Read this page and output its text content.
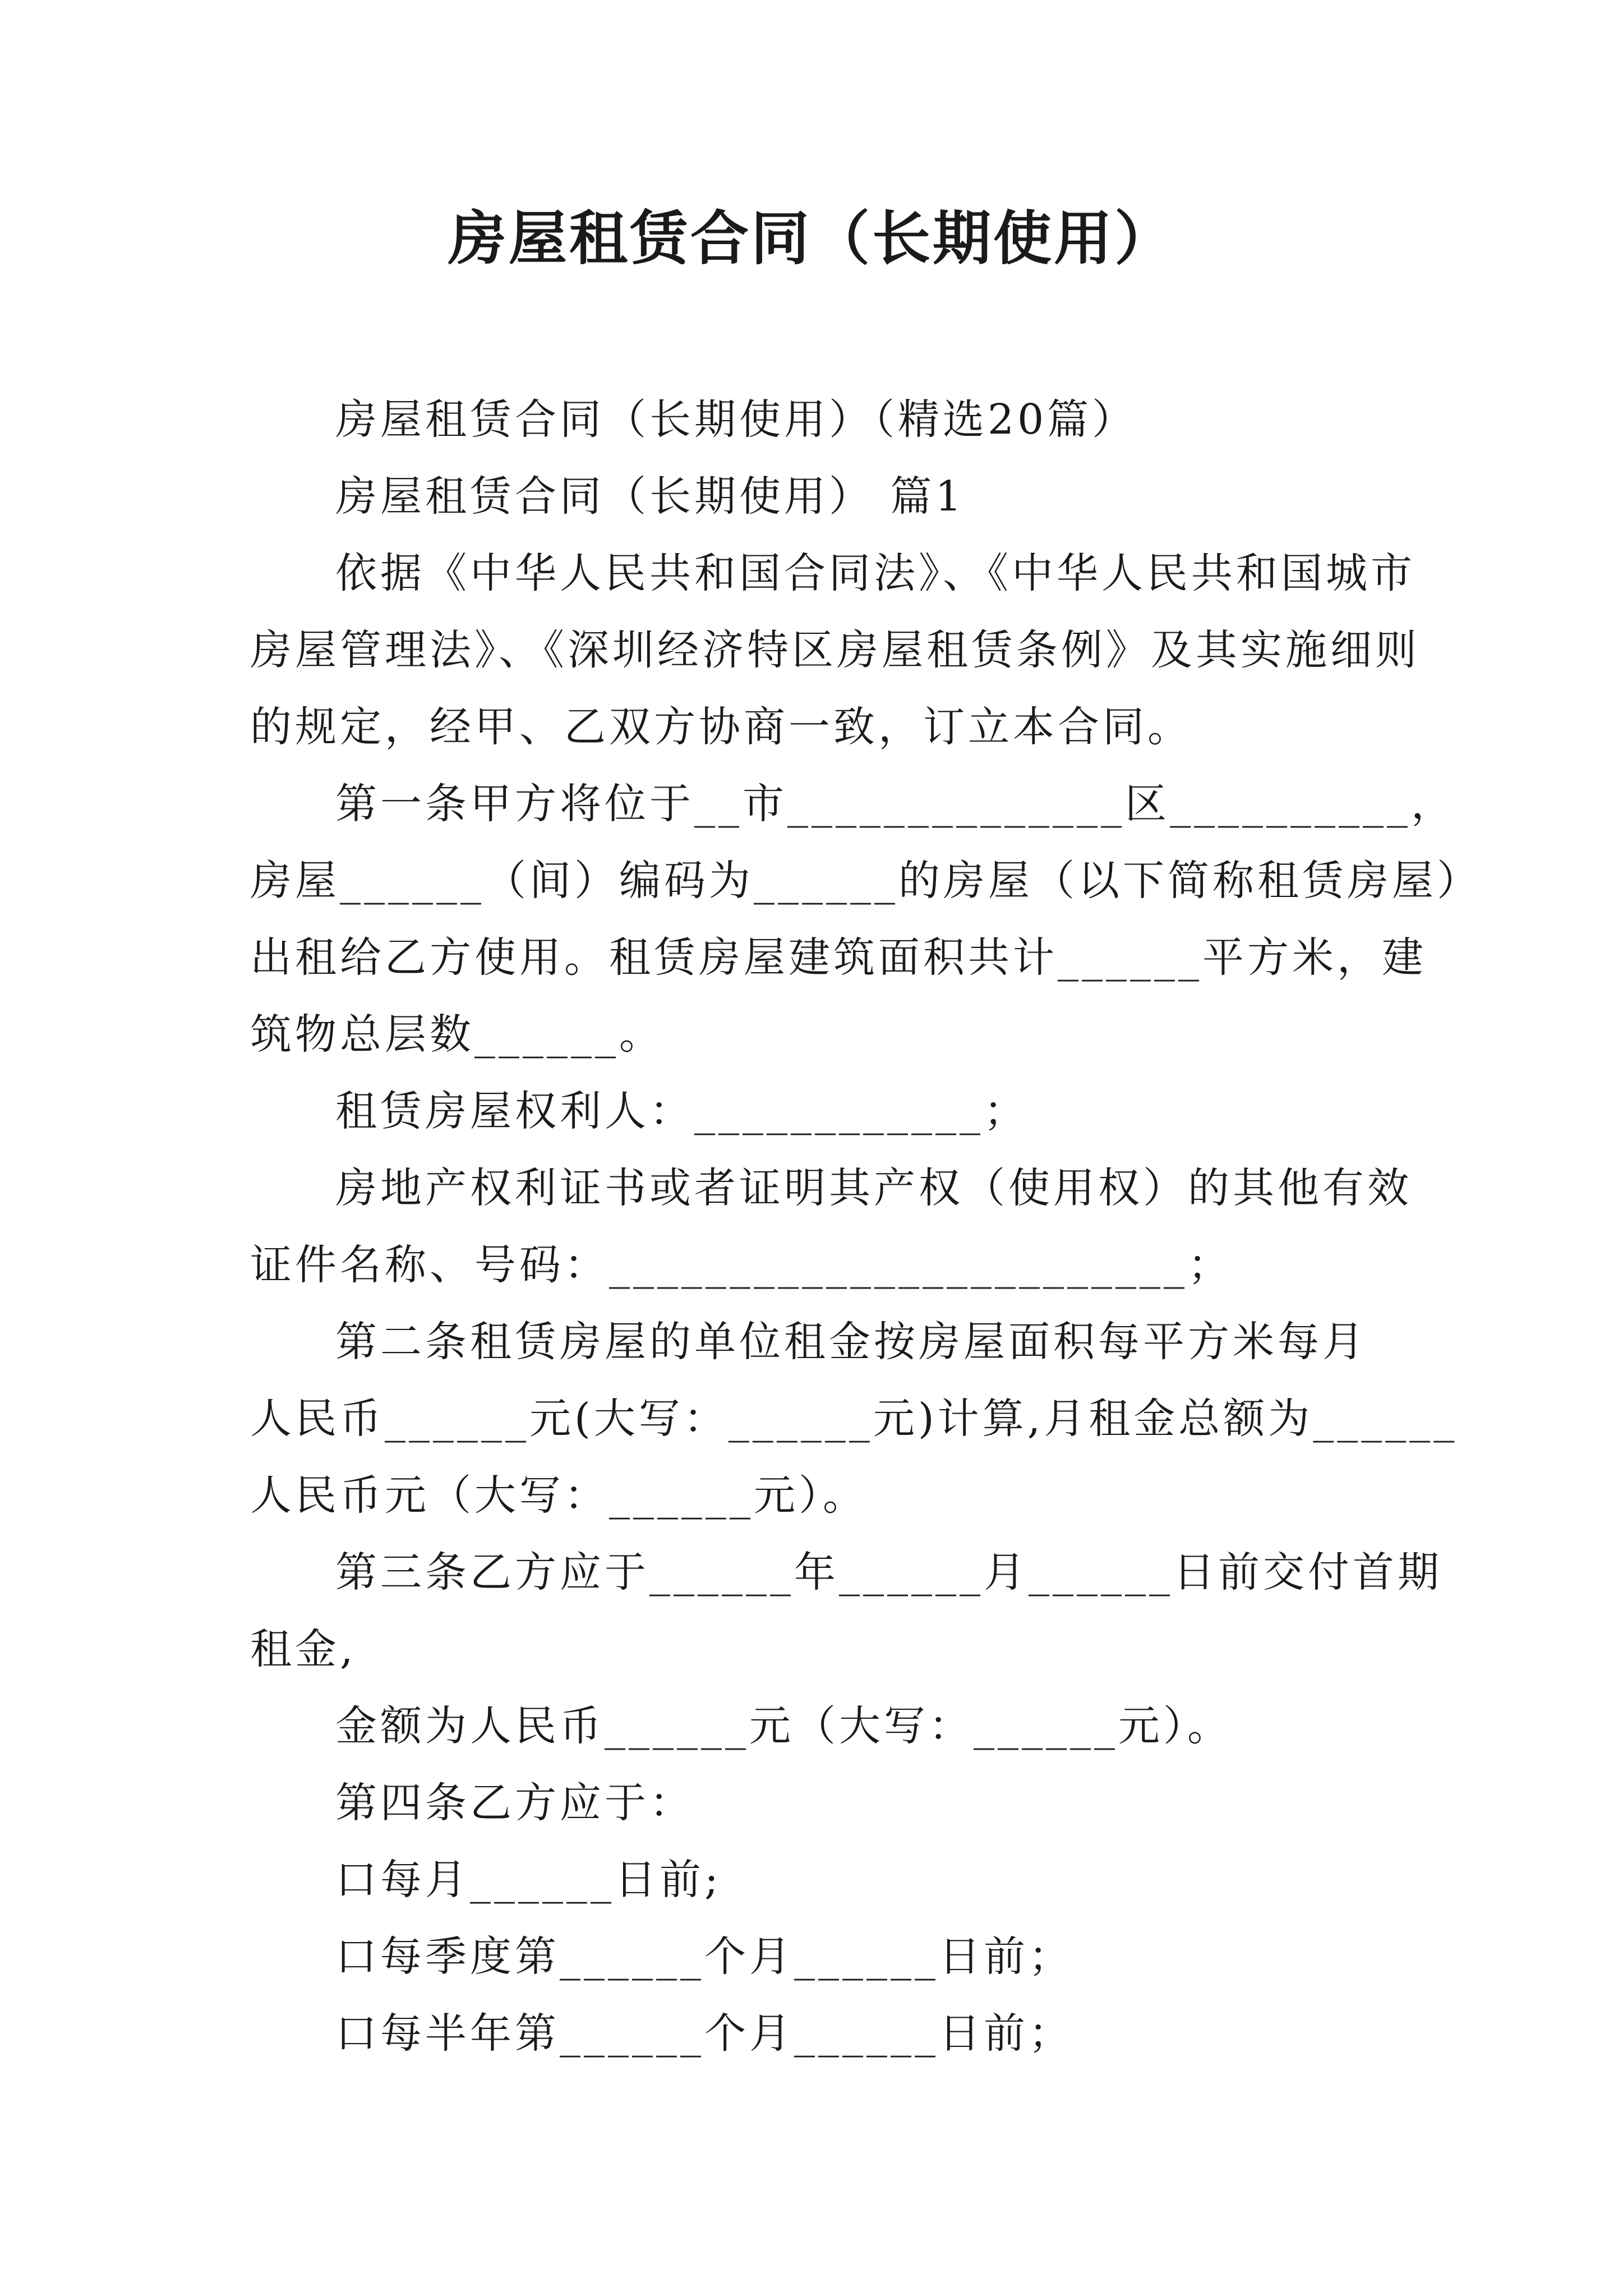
房屋租赁合同（长期使用）

房屋租赁合同（长期使用）（精选20篇）

房屋租赁合同（长期使用） 篇1

依据《中华人民共和国合同法》、《中华人民共和国城市

房屋管理法》、《深圳经济特区房屋租赁条例》及其实施细则

的规定，经甲、乙双方协商一致，订立本合同。

第一条甲方将位于__市______________区__________，

房屋______（间）编码为______的房屋（以下简称租赁房屋）

出租给乙方使用。租赁房屋建筑面积共计______平方米，建

筑物总层数______。

租赁房屋权利人：____________；

房地产权利证书或者证明其产权（使用权）的其他有效

证件名称、号码：________________________；

第二条租赁房屋的单位租金按房屋面积每平方米每月

人民币______元(大写：______元)计算,月租金总额为______

人民币元（大写：______元）。

第三条乙方应于______年______月______日前交付首期

租金,

金额为人民币______元（大写：______元）。

第四条乙方应于：

口每月______日前;

口每季度第______个月______日前；

口每半年第______个月______日前；
